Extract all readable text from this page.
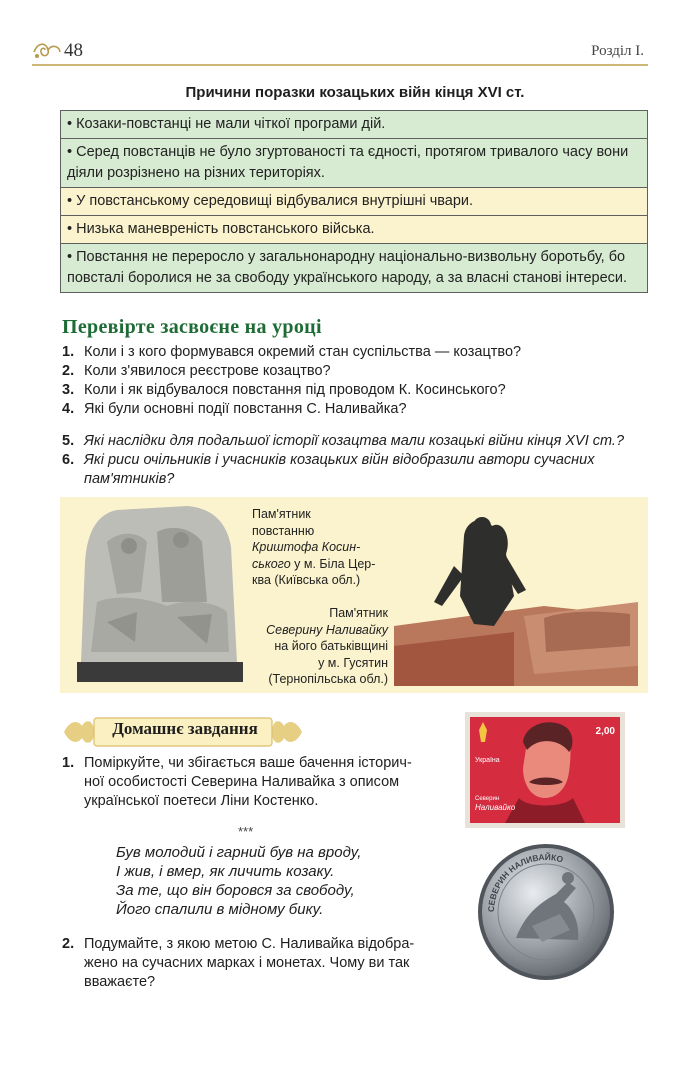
48	Розділ І.
Причини поразки козацьких війн кінця XVI ст.
• Козаки-повстанці не мали чіткої програми дій.
• Серед повстанців не було згуртованості та єдності, протягом тривалого часу вони діяли розрізнено на різних територіях.
• У повстанському середовищі відбувалися внутрішні чвари.
• Низька маневреність повстанського війська.
• Повстання не переросло у загальнонародну національно-визвольну боротьбу, бо повсталі боролися не за свободу українського народу, а за власні станові інтереси.
Перевірте засвоєне на уроці
1. Коли і з кого формувався окремий стан суспільства — козацтво?
2. Коли з'явилося реєстрове козацтво?
3. Коли і як відбувалося повстання під проводом К. Косинського?
4. Які були основні події повстання С. Наливайка?
5. Які наслідки для подальшої історії козацтва мали козацькі війни кінця XVI ст.?
6. Які риси очільників і учасників козацьких війн відобразили автори сучасних пам'ятників?
Пам'ятник
повстанню
Криштофа Косин-
ського у м. Біла Цер-
ква (Київська обл.)
Пам'ятник
Северину Наливайку
на його батьківщині
у м. Гусятин
(Тернопільська обл.)
Домашнє завдання
1. Поміркуйте, чи збігається ваше бачення історич-
ної особистості Северина Наливайка з описом
української поетеси Ліни Костенко.
***
Був молодий і гарний був на вроду,
І жив, і вмер, як личить козаку.
За те, що він боровся за свободу,
Його спалили в мідному бику.
2. Подумайте, з якою метою С. Наливайка відобра-
жено на сучасних марках і монетах. Чому ви так
вважаєте?
Україна
2,00
Северин
Наливайко
СЕВЕРИН НАЛИВАЙКО
